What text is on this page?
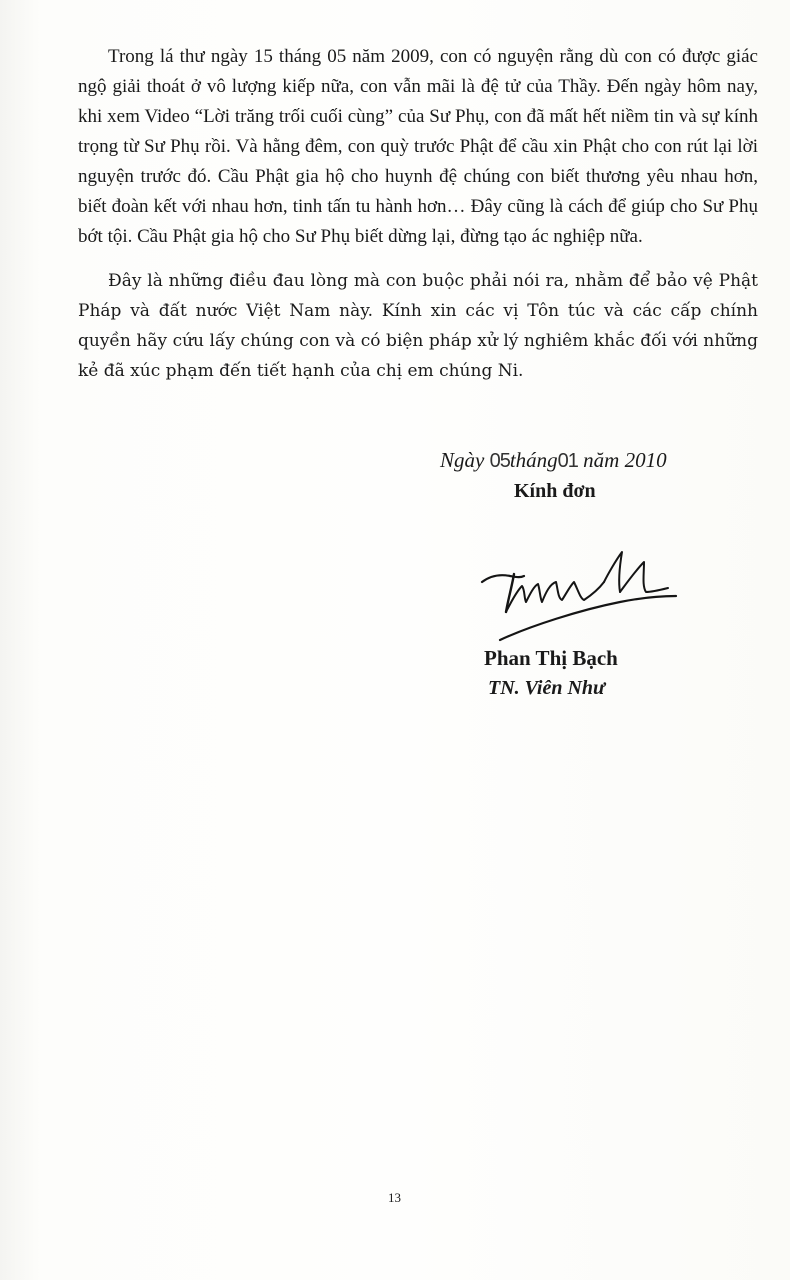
Trong lá thư ngày 15 tháng 05 năm 2009, con có nguyện rằng dù con có được giác ngộ giải thoát ở vô lượng kiếp nữa, con vẫn mãi là đệ tử của Thầy. Đến ngày hôm nay, khi xem Video “Lời trăng trối cuối cùng” của Sư Phụ, con đã mất hết niềm tin và sự kính trọng từ Sư Phụ rồi. Và hằng đêm, con quỳ trước Phật để cầu xin Phật cho con rút lại lời nguyện trước đó. Cầu Phật gia hộ cho huynh đệ chúng con biết thương yêu nhau hơn, biết đoàn kết với nhau hơn, tinh tấn tu hành hơn… Đây cũng là cách để giúp cho Sư Phụ bớt tội. Cầu Phật gia hộ cho Sư Phụ biết dừng lại, đừng tạo ác nghiệp nữa.

Đây là những điều đau lòng mà con buộc phải nói ra, nhằm để bảo vệ Phật Pháp và đất nước Việt Nam này. Kính xin các vị Tôn túc và các cấp chính quyền hãy cứu lấy chúng con và có biện pháp xử lý nghiêm khắc đối với những kẻ đã xúc phạm đến tiết hạnh của chị em chúng Ni.

Ngày 05tháng01 năm 2010
Kính đơn
Phan Thị Bạch
TN. Viên Như
13
